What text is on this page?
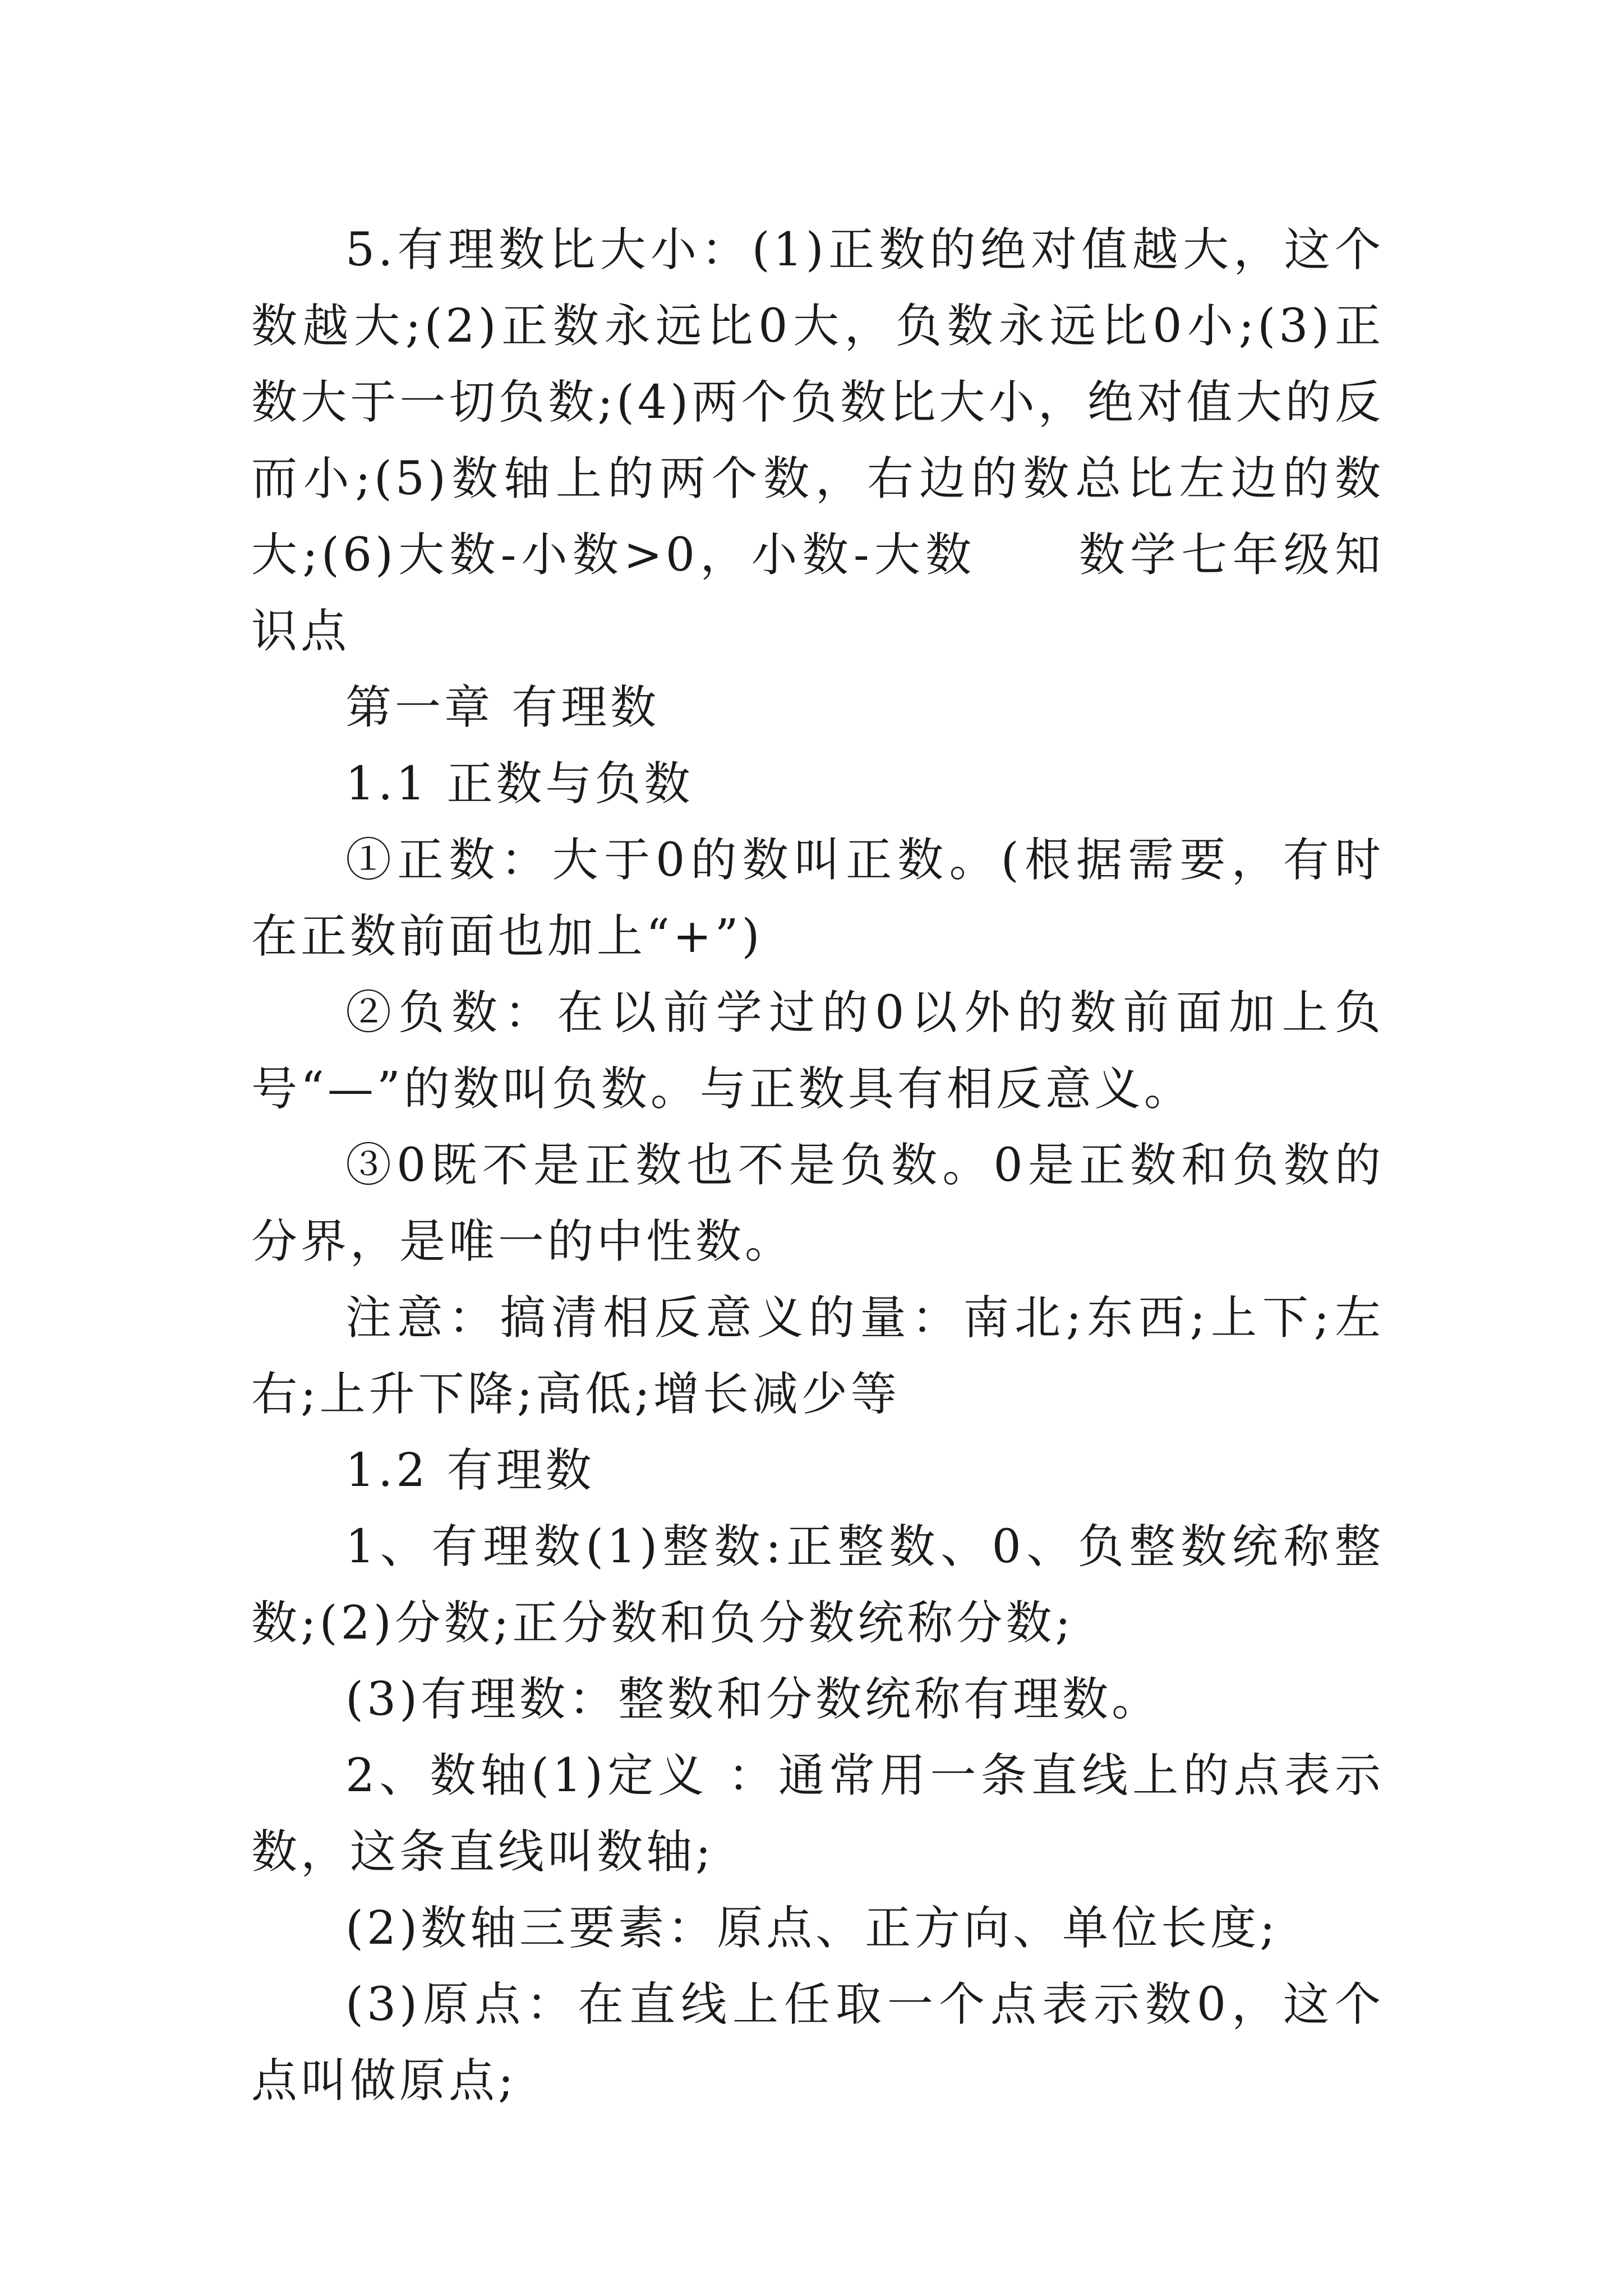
5.有理数比大小：(1)正数的绝对值越大，这个数越大;(2)正数永远比0大，负数永远比0小;(3)正数大于一切负数;(4)两个负数比大小，绝对值大的反而小;(5)数轴上的两个数，右边的数总比左边的数大;(6)大数-小数>0，小数-大数　　数学七年级知识点

第一章 有理数

1.1 正数与负数

①正数：大于0的数叫正数。(根据需要，有时在正数前面也加上“+”)

②负数：在以前学过的0以外的数前面加上负号“—”的数叫负数。与正数具有相反意义。

③0既不是正数也不是负数。0是正数和负数的分界，是唯一的中性数。

注意：搞清相反意义的量：南北;东西;上下;左右;上升下降;高低;增长减少等

1.2 有理数

1、有理数(1)整数:正整数、0、负整数统称整数;(2)分数;正分数和负分数统称分数;

(3)有理数：整数和分数统称有理数。

2、数轴(1)定义 ：通常用一条直线上的点表示数，这条直线叫数轴;

(2)数轴三要素：原点、正方向、单位长度;

(3)原点：在直线上任取一个点表示数0，这个点叫做原点;
